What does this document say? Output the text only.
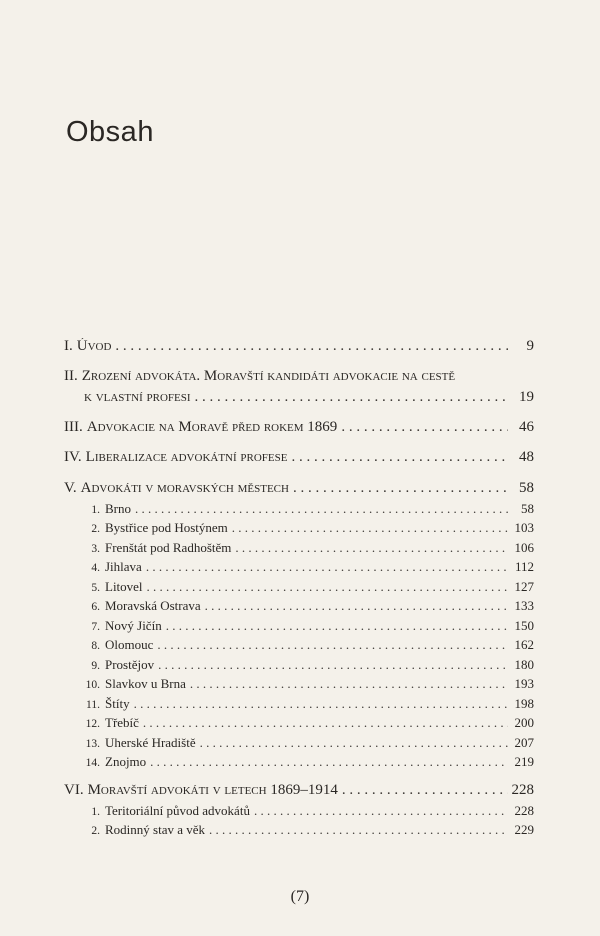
Obsah
I. Úvod . . .	9
II. Zrození advokáta. Moravští kandidáti advokacie na cestě
k vlastní profesi . . .	19
III. Advokacie na Moravě před rokem 1869 . . .	46
IV. Liberalizace advokátní profese . . .	48
V. Advokáti v moravských městech . . .	58
1. Brno . . .	58
2. Bystřice pod Hostýnem . . .	103
3. Frenštát pod Radhoštěm . . .	106
4. Jihlava . . .	112
5. Litovel . . .	127
6. Moravská Ostrava . . .	133
7. Nový Jičín . . .	150
8. Olomouc . . .	162
9. Prostějov . . .	180
10. Slavkov u Brna . . .	193
11. Štíty . . .	198
12. Třebíč . . .	200
13. Uherské Hradiště . . .	207
14. Znojmo . . .	219
VI. Moravští advokáti v letech 1869–1914 . . .	228
1. Teritoriální původ advokátů . . .	228
2. Rodinný stav a věk . . .	229
(7)
